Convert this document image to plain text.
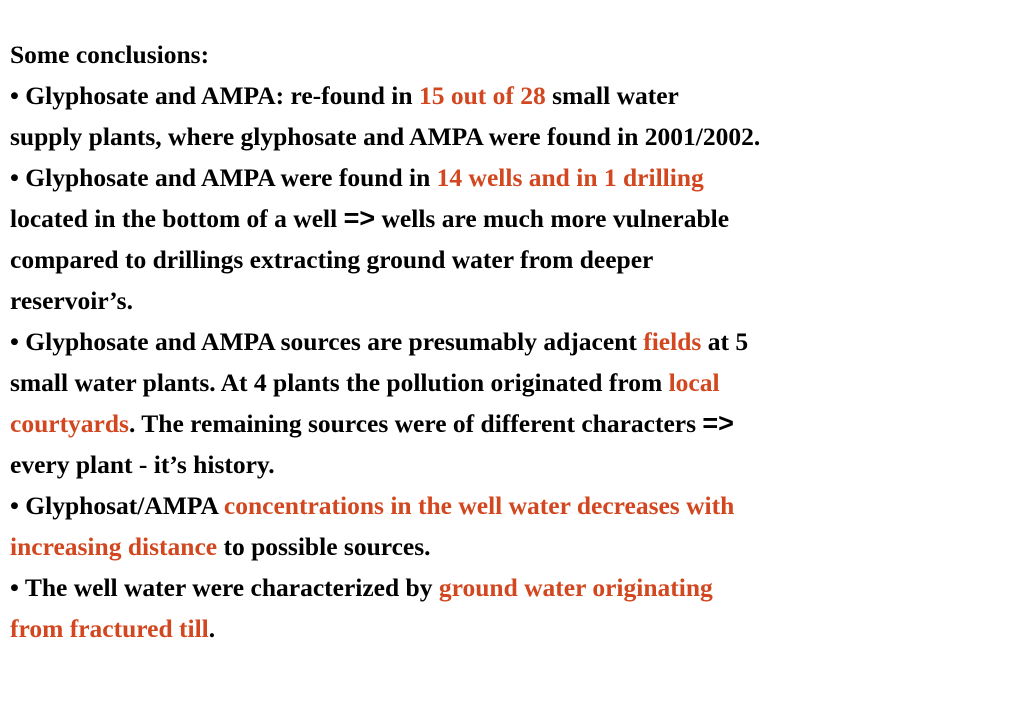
Some conclusions:
• Glyphosate and AMPA: re-found in 15 out of 28 small water
supply plants, where glyphosate and AMPA were found in 2001/2002.
• Glyphosate and AMPA were found in 14 wells and in 1 drilling
located in the bottom of a well => wells are much more vulnerable
compared to drillings extracting ground water from deeper
reservoir’s.
• Glyphosate and AMPA sources are presumably adjacent fields at 5
small water plants. At 4 plants the pollution originated from local
courtyards. The remaining sources were of different characters =>
every plant - it’s history.
• Glyphosat/AMPA concentrations in the well water decreases with
increasing distance to possible sources.
• The well water were characterized by ground water originating
from fractured till.
